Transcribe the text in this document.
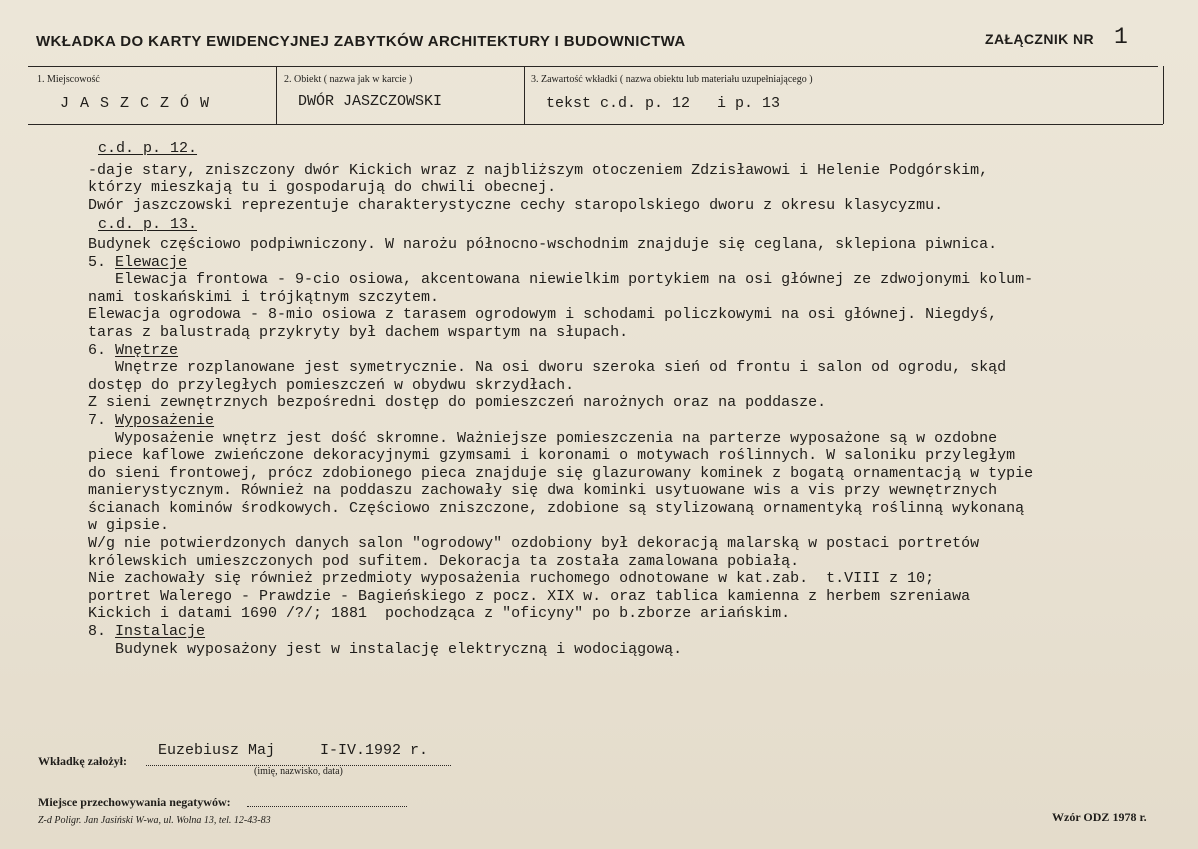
WKŁADKA DO KARTY EWIDENCYJNEJ ZABYTKÓW ARCHITEKTURY I BUDOWNICTWA	ZAŁĄCZNIK NR 1
1. Miejscowość
J A S Z C Z Ó W
2. Obiekt ( nazwa jak w karcie )
DWÓR JASZCZOWSKI
3. Zawartość wkładki ( nazwa obiektu lub materiału uzupełniającego )
tekst c.d. p. 12   i p. 13
c.d. p. 12.
-daje stary, zniszczony dwór Kickich wraz z najbliższym otoczeniem Zdzisławowi i Helenie Podgórskim,
którzy mieszkają tu i gospodarują do chwili obecnej.
Dwór jaszczowski reprezentuje charakterystyczne cechy staropolskiego dworu z okresu klasycyzmu.
c.d. p. 13.
Budynek częściowo podpiwniczony. W narożu północno-wschodnim znajduje się ceglana, sklepiona piwnica.
5. Elewacje
Elewacja frontowa - 9-cio osiowa, akcentowana niewielkim portykiem na osi głównej ze zdwojonymi kolum-
nami toskańskimi i trójkątnym szczytem.
Elewacja ogrodowa - 8-mio osiowa z tarasem ogrodowym i schodami policzkowymi na osi głównej. Niegdyś,
taras z balustradą przykryty był dachem wspartym na słupach.
6. Wnętrze
Wnętrze rozplanowane jest symetrycznie. Na osi dworu szeroka sień od frontu i salon od ogrodu, skąd
dostęp do przyległych pomieszczeń w obydwu skrzydłach.
Z sieni zewnętrznych bezpośredni dostęp do pomieszczeń narożnych oraz na poddasze.
7. Wyposażenie
Wyposażenie wnętrz jest dość skromne. Ważniejsze pomieszczenia na parterze wyposażone są w ozdobne
piece kaflowe zwieńczone dekoracyjnymi gzymsami i koronami o motywach roślinnych. W saloniku przyległym
do sieni frontowej, prócz zdobionego pieca znajduje się glazurowany kominek z bogatą ornamentacją w typie
manierystycznym. Również na poddaszu zachowały się dwa kominki usytuowane wis a vis przy wewnętrznych
ścianach kominów środkowych. Częściowo zniszczone, zdobione są stylizowaną ornamentyką roślinną wykonaną
w gipsie.
W/g nie potwierdzonych danych salon "ogrodowy" ozdobiony był dekoracją malarską w postaci portretów
królewskich umieszczonych pod sufitem. Dekoracja ta została zamalowana pobiałą.
Nie zachowały się również przedmioty wyposażenia ruchomego odnotowane w kat.zab.  t.VIII z 10;
portret Walerego - Prawdzie - Bagieńskiego z pocz. XIX w. oraz tablica kamienna z herbem szreniawa
Kickich i datami 1690 /?/; 1881  pochodząca z "oficyny" po b.zborze ariańskim.
8. Instalacje
Budynek wyposażony jest w instalację elektryczną i wodociągową.
Wkładkę założył:
Euzebiusz Maj     I-IV.1992 r.
(imię, nazwisko, data)
Miejsce przechowywania negatywów:
Z-d Poligr. Jan Jasiński W-wa, ul. Wolna 13, tel. 12-43-83	Wzór ODZ 1978 r.
